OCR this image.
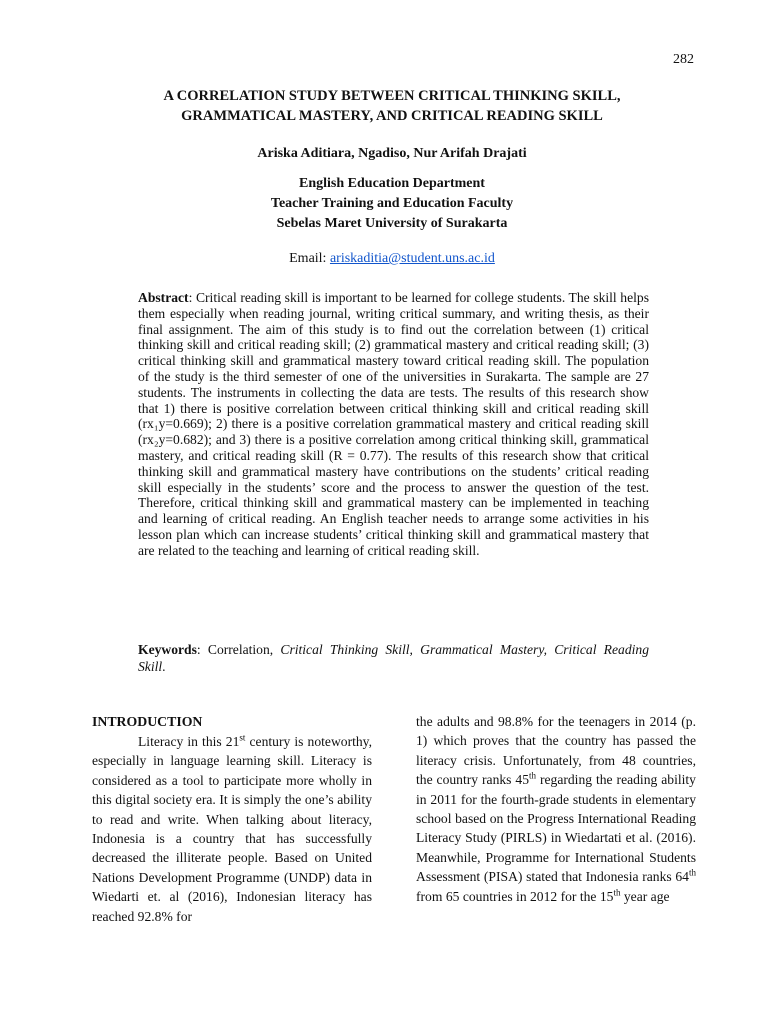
282
A CORRELATION STUDY BETWEEN CRITICAL THINKING SKILL,
GRAMMATICAL MASTERY, AND CRITICAL READING SKILL
Ariska Aditiara, Ngadiso, Nur Arifah Drajati
English Education Department
Teacher Training and Education Faculty
Sebelas Maret University of Surakarta
Email: ariskaditia@student.uns.ac.id

Abstract: Critical reading skill is important to be learned for college students. The skill helps them especially when reading journal, writing critical summary, and writing thesis, as their final assignment. The aim of this study is to find out the correlation between (1) critical thinking skill and critical reading skill; (2) grammatical mastery and critical reading skill; (3) critical thinking skill and grammatical mastery toward critical reading skill. The population of the study is the third semester of one of the universities in Surakarta. The sample are 27 students. The instruments in collecting the data are tests. The results of this research show that 1) there is positive correlation between critical thinking skill and critical reading skill (rx₁y=0.669); 2) there is a positive correlation grammatical mastery and critical reading skill (rx₂y=0.682); and 3) there is a positive correlation among critical thinking skill, grammatical mastery, and critical reading skill (R = 0.77). The results of this research show that critical thinking skill and grammatical mastery have contributions on the students’ critical reading skill especially in the students’ score and the process to answer the question of the test. Therefore, critical thinking skill and grammatical mastery can be implemented in teaching and learning of critical reading. An English teacher needs to arrange some activities in his lesson plan which can increase students’ critical thinking skill and grammatical mastery that are related to the teaching and learning of critical reading skill.

Keywords: Correlation, Critical Thinking Skill, Grammatical Mastery, Critical Reading Skill.

INTRODUCTION

Literacy in this 21st century is noteworthy, especially in language learning skill. Literacy is considered as a tool to participate more wholly in this digital society era. It is simply the one’s ability to read and write. When talking about literacy, Indonesia is a country that has successfully decreased the illiterate people. Based on United Nations Development Programme (UNDP) data in Wiedarti et. al (2016), Indonesian literacy has reached 92.8% for

the adults and 98.8% for the teenagers in 2014 (p. 1) which proves that the country has passed the literacy crisis. Unfortunately, from 48 countries, the country ranks 45th regarding the reading ability in 2011 for the fourth-grade students in elementary school based on the Progress International Reading Literacy Study (PIRLS) in Wiedartati et al. (2016). Meanwhile, Programme for International Students Assessment (PISA) stated that Indonesia ranks 64th from 65 countries in 2012 for the 15th year age
